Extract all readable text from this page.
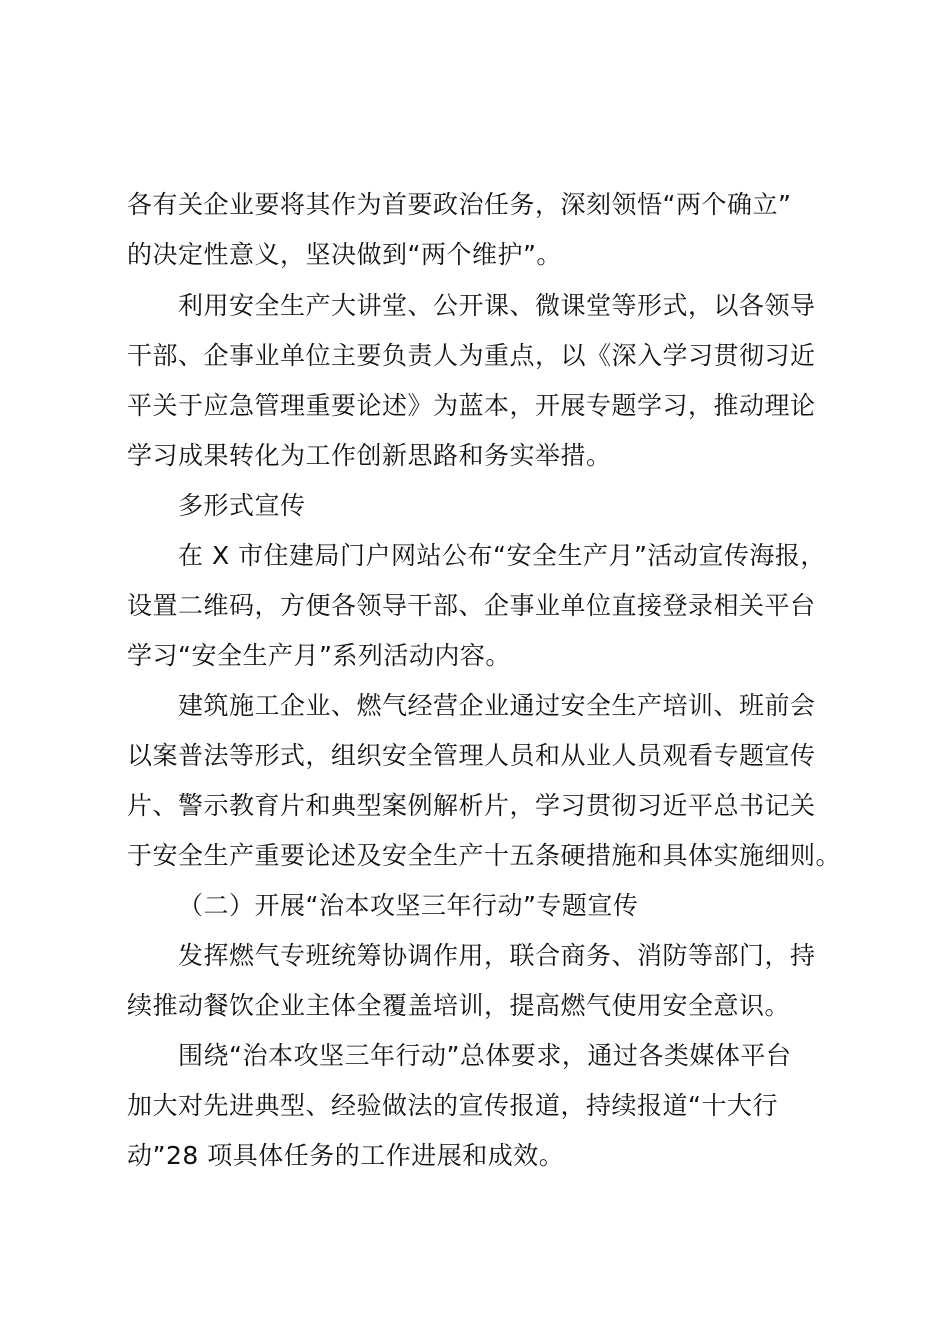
各有关企业要将其作为首要政治任务，深刻领悟“两个确立”
的决定性意义，坚决做到“两个维护”。
利用安全生产大讲堂、公开课、微课堂等形式，以各领导
干部、企事业单位主要负责人为重点，以《深入学习贯彻习近
平关于应急管理重要论述》为蓝本，开展专题学习，推动理论
学习成果转化为工作创新思路和务实举措。
多形式宣传
在 X 市住建局门户网站公布“安全生产月”活动宣传海报，
设置二维码，方便各领导干部、企事业单位直接登录相关平台
学习“安全生产月”系列活动内容。
建筑施工企业、燃气经营企业通过安全生产培训、班前会
以案普法等形式，组织安全管理人员和从业人员观看专题宣传
片、警示教育片和典型案例解析片，学习贯彻习近平总书记关
于安全生产重要论述及安全生产十五条硬措施和具体实施细则。
（二）开展“治本攻坚三年行动”专题宣传
发挥燃气专班统筹协调作用，联合商务、消防等部门，持
续推动餐饮企业主体全覆盖培训，提高燃气使用安全意识。
围绕“治本攻坚三年行动”总体要求，通过各类媒体平台
加大对先进典型、经验做法的宣传报道，持续报道“十大行
动”28 项具体任务的工作进展和成效。
